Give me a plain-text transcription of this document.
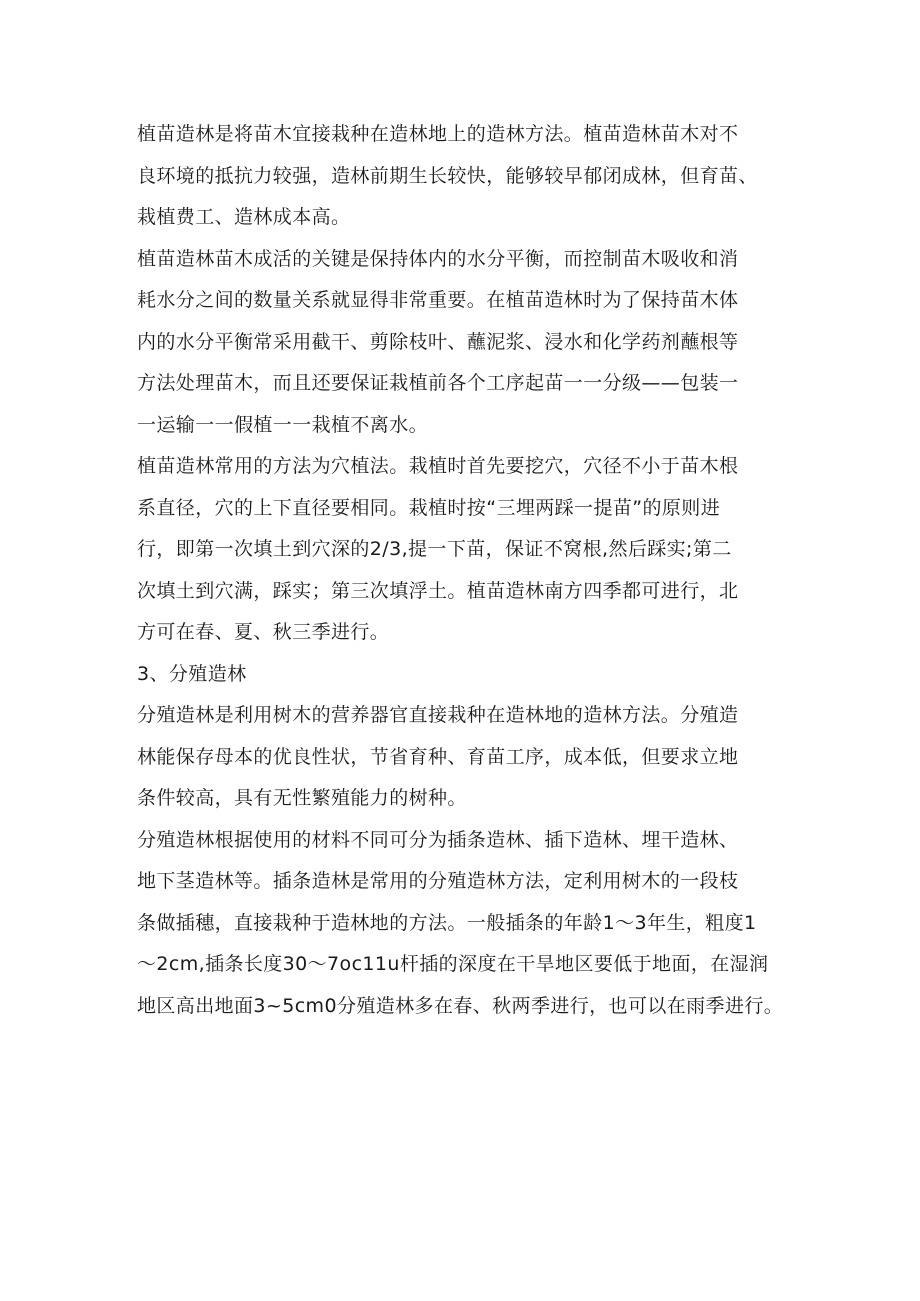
植苗造林是将苗木宜接栽种在造林地上的造林方法。植苗造林苗木对不
良环境的抵抗力较强，造林前期生长较快，能够较早郁闭成林，但育苗、
栽植费工、造林成本高。
植苗造林苗木成活的关键是保持体内的水分平衡，而控制苗木吸收和消
耗水分之间的数量关系就显得非常重要。在植苗造林时为了保持苗木体
内的水分平衡常采用截干、剪除枝叶、蘸泥浆、浸水和化学药剂蘸根等
方法处理苗木，而且还要保证栽植前各个工序起苗一一分级——包装一
一运输一一假植一一栽植不离水。
植苗造林常用的方法为穴植法。栽植时首先要挖穴，穴径不小于苗木根
系直径，穴的上下直径要相同。栽植时按“三埋两踩一提苗”的原则进
行，即第一次填土到穴深的2/3,提一下苗，保证不窝根,然后踩实;第二
次填土到穴满，踩实；第三次填浮土。植苗造林南方四季都可进行，北
方可在春、夏、秋三季进行。
3、分殖造林
分殖造林是利用树木的营养器官直接栽种在造林地的造林方法。分殖造
林能保存母本的优良性状，节省育种、育苗工序，成本低，但要求立地
条件较高，具有无性繁殖能力的树种。
分殖造林根据使用的材料不同可分为插条造林、插下造林、埋干造林、
地下茎造林等。插条造林是常用的分殖造林方法，定利用树木的一段枝
条做插穗，直接栽种于造林地的方法。一般插条的年龄1～3年生，粗度1
～2cm,插条长度30～7oc11u杆插的深度在干旱地区要低于地面，在湿润
地区高出地面3~5cm0分殖造林多在春、秋两季进行，也可以在雨季进行。
